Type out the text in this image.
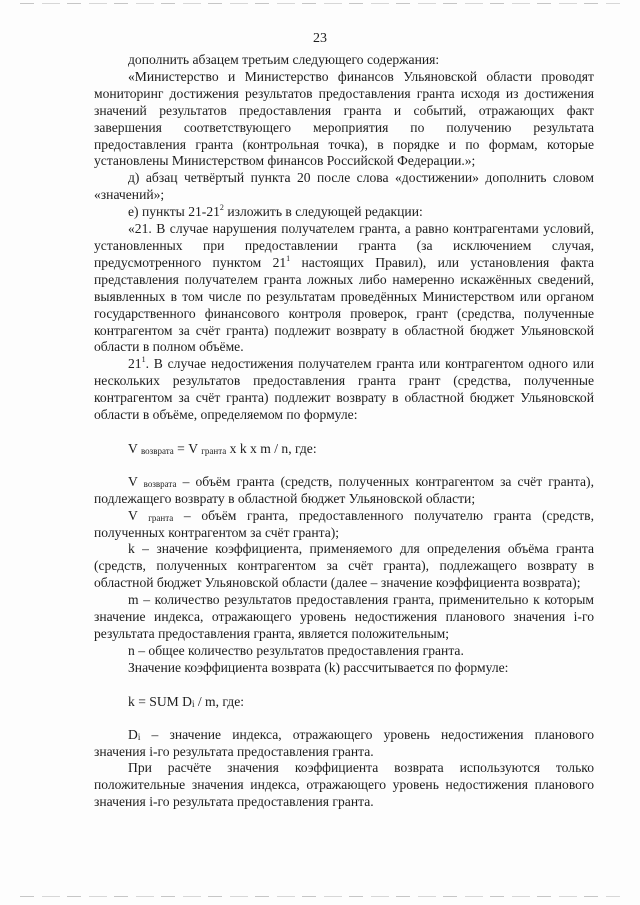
23

дополнить абзацем третьим следующего содержания:

«Министерство и Министерство финансов Ульяновской области проводят мониторинг достижения результатов предоставления гранта исходя из достижения значений результатов предоставления гранта и событий, отражающих факт завершения соответствующего мероприятия по получению результата предоставления гранта (контрольная точка), в порядке и по формам, которые установлены Министерством финансов Российской Федерации.»;

д) абзац четвёртый пункта 20 после слова «достижении» дополнить словом «значений»;

е) пункты $21-21^2$ изложить в следующей редакции:

«21. В случае нарушения получателем гранта, а равно контрагентами условий, установленных при предоставлении гранта (за исключением случая, предусмотренного пунктом $21^1$ настоящих Правил), или установления факта представления получателем гранта ложных либо намеренно искажённых сведений, выявленных в том числе по результатам проведённых Министерством или органом государственного финансового контроля проверок, грант (средства, полученные контрагентом за счёт гранта) подлежит возврату в областной бюджет Ульяновской области в полном объёме.

$21^1$. В случае недостижения получателем гранта или контрагентом одного или нескольких результатов предоставления гранта грант (средства, полученные контрагентом за счёт гранта) подлежит возврату в областной бюджет Ульяновской области в объёме, определяемом по формуле:

V $_{возврата}$ = V $_{гранта}$ x k x m / n, где:

V $_{возврата}$ – объём гранта (средств, полученных контрагентом за счёт гранта), подлежащего возврату в областной бюджет Ульяновской области;

V $_{гранта}$ – объём гранта, предоставленного получателю гранта (средств, полученных контрагентом за счёт гранта);

k – значение коэффициента, применяемого для определения объёма гранта (средств, полученных контрагентом за счёт гранта), подлежащего возврату в областной бюджет Ульяновской области (далее – значение коэффициента возврата);

m – количество результатов предоставления гранта, применительно к которым значение индекса, отражающего уровень недостижения планового значения i-го результата предоставления гранта, является положительным;

n – общее количество результатов предоставления гранта.

Значение коэффициента возврата (k) рассчитывается по формуле:

k = SUM $D_i$ / m, где:

$D_i$ – значение индекса, отражающего уровень недостижения планового значения i-го результата предоставления гранта.

При расчёте значения коэффициента возврата используются только положительные значения индекса, отражающего уровень недостижения планового значения i-го результата предоставления гранта.
